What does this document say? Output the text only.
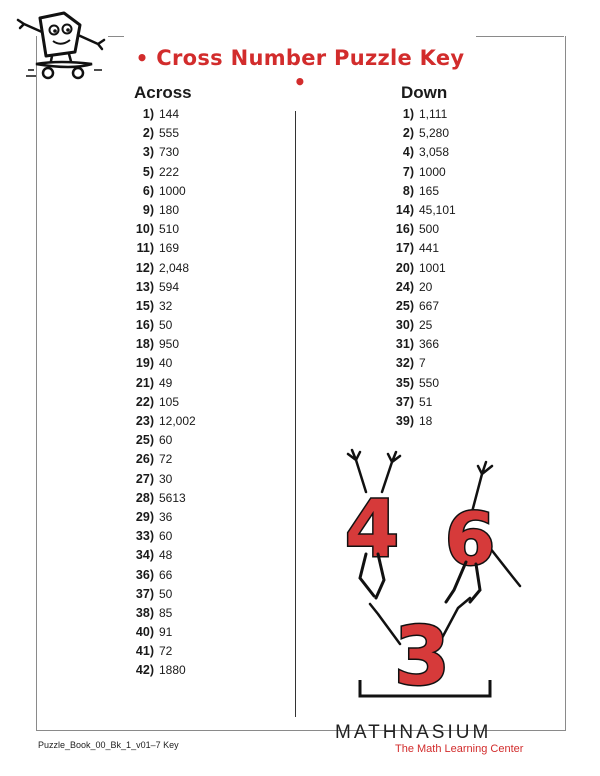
• Cross Number Puzzle Key •
Across	Down
1) 144
2) 555
3) 730
5) 222
6) 1000
9) 180
10) 510
11) 169
12) 2,048
13) 594
15) 32
16) 50
18) 950
19) 40
21) 49
22) 105
23) 12,002
25) 60
26) 72
27) 30
28) 5613
29) 36
33) 60
34) 48
36) 66
37) 50
38) 85
40) 91
41) 72
42) 1880
1) 1,111
2) 5,280
4) 3,058
7) 1000
8) 165
14) 45,101
16) 500
17) 441
20) 1001
24) 20
25) 667
30) 25
31) 366
32) 7
35) 550
37) 51
39) 18
4 6
3
MATHNASIUM
The Math Learning Center
Puzzle_Book_00_Bk_1_v01–7 Key
